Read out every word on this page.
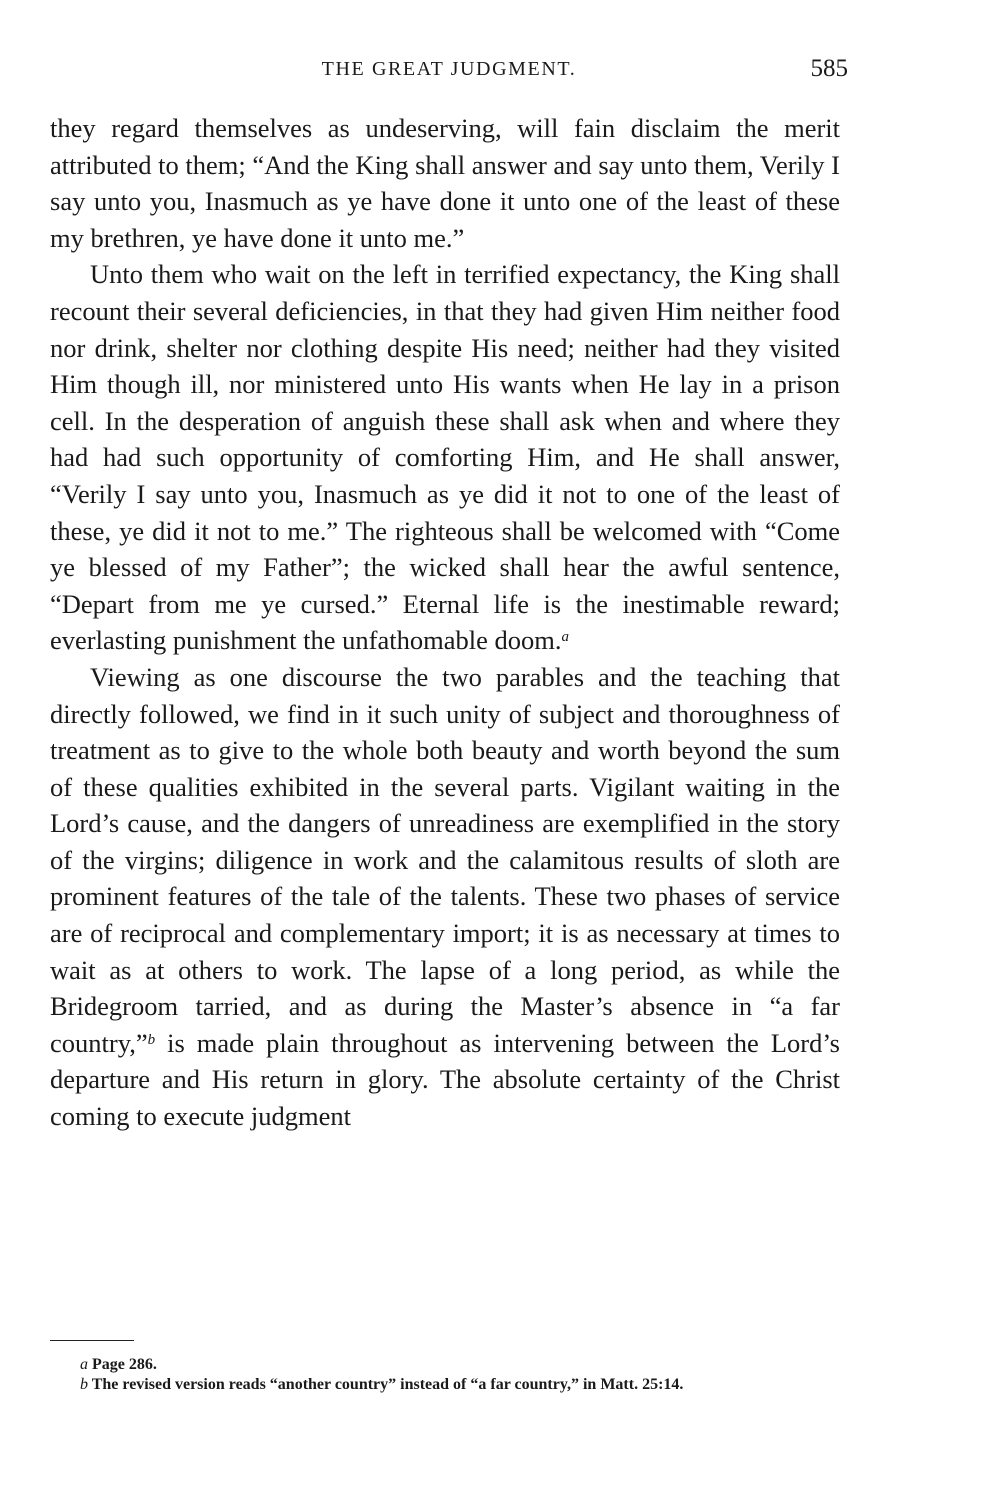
THE GREAT JUDGMENT.	585

they regard themselves as undeserving, will fain disclaim the merit attributed to them; “And the King shall answer and say unto them, Verily I say unto you, Inasmuch as ye have done it unto one of the least of these my brethren, ye have done it unto me.”

Unto them who wait on the left in terrified expectancy, the King shall recount their several deficiencies, in that they had given Him neither food nor drink, shelter nor clothing despite His need; neither had they visited Him though ill, nor ministered unto His wants when He lay in a prison cell. In the desperation of anguish these shall ask when and where they had had such opportunity of comforting Him, and He shall answer, “Verily I say unto you, Inasmuch as ye did it not to one of the least of these, ye did it not to me.” The righteous shall be welcomed with “Come ye blessed of my Father”; the wicked shall hear the awful sentence, “Depart from me ye cursed.” Eternal life is the inestimable reward; everlasting punishment the unfathomable doom.$^a$

Viewing as one discourse the two parables and the teaching that directly followed, we find in it such unity of subject and thoroughness of treatment as to give to the whole both beauty and worth beyond the sum of these qualities exhibited in the several parts. Vigilant waiting in the Lord’s cause, and the dangers of unreadiness are exemplified in the story of the virgins; diligence in work and the calamitous results of sloth are prominent features of the tale of the talents. These two phases of service are of reciprocal and complementary import; it is as necessary at times to wait as at others to work. The lapse of a long period, as while the Bridegroom tarried, and as during the Master’s absence in “a far country,”$^b$ is made plain throughout as intervening between the Lord’s departure and His return in glory. The absolute certainty of the Christ coming to execute judgment

a Page 286.

b The revised version reads “another country” instead of “a far country,” in Matt. 25:14.
